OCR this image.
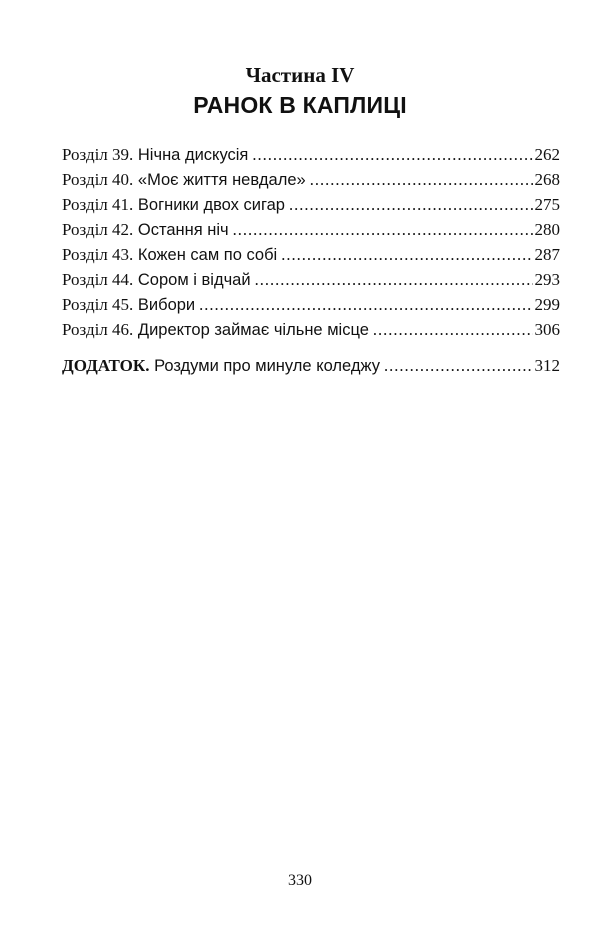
Частина IV
РАНОК В КАПЛИЦІ
Розділ 39. Нічна дискусія .....	262
Розділ 40. «Моє життя невдале» .....	268
Розділ 41. Вогники двох сигар .....	275
Розділ 42. Остання ніч .....	280
Розділ 43. Кожен сам по собі .....	287
Розділ 44. Сором і відчай .....	293
Розділ 45. Вибори .....	299
Розділ 46. Директор займає чільне місце .....	306
ДОДАТОК. Роздуми про минуле коледжу .....	312
330
